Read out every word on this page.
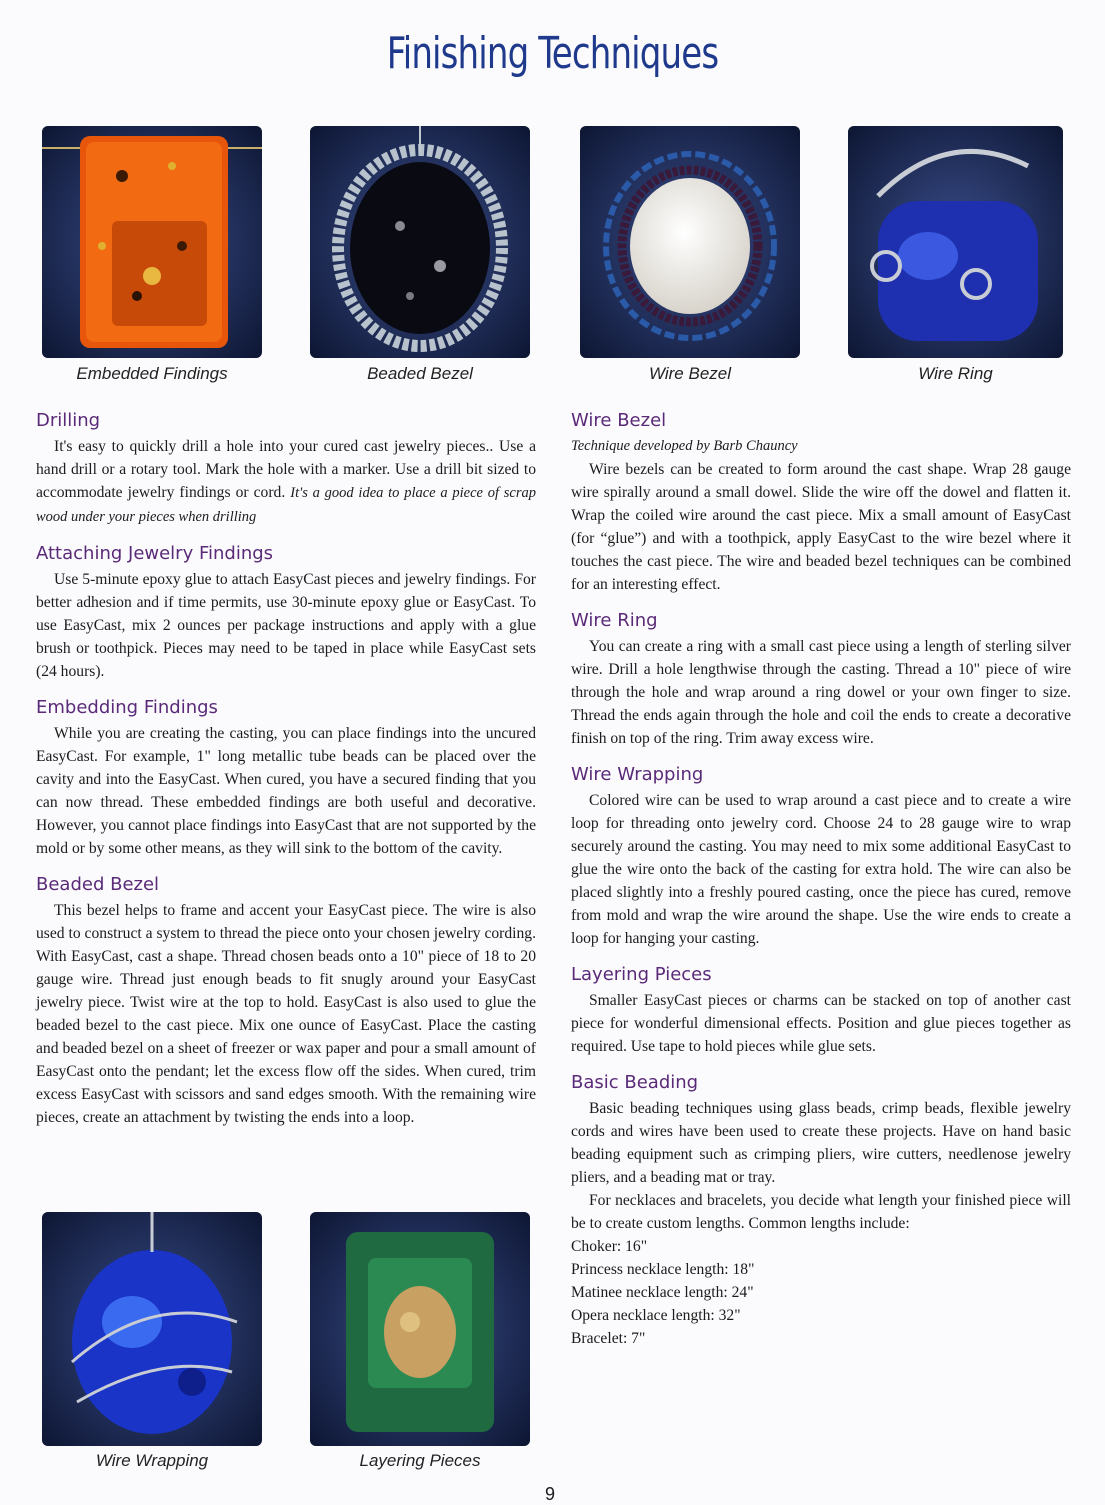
Finishing Techniques
Embedded Findings	Beaded Bezel	Wire Bezel	Wire Ring
Drilling

It's easy to quickly drill a hole into your cured cast jewelry pieces.. Use a hand drill or a rotary tool. Mark the hole with a marker. Use a drill bit sized to accommodate jewelry findings or cord. It's a good idea to place a piece of scrap wood under your pieces when drilling

Attaching Jewelry Findings

Use 5-minute epoxy glue to attach EasyCast pieces and jewelry findings. For better adhesion and if time permits, use 30-minute epoxy glue or EasyCast. To use EasyCast, mix 2 ounces per package instructions and apply with a glue brush or toothpick. Pieces may need to be taped in place while EasyCast sets (24 hours).

Embedding Findings

While you are creating the casting, you can place findings into the uncured EasyCast. For example, 1" long metallic tube beads can be placed over the cavity and into the EasyCast. When cured, you have a secured finding that you can now thread. These embedded findings are both useful and decorative. However, you cannot place findings into EasyCast that are not supported by the mold or by some other means, as they will sink to the bottom of the cavity.

Beaded Bezel

This bezel helps to frame and accent your EasyCast piece. The wire is also used to construct a system to thread the piece onto your chosen jewelry cording. With EasyCast, cast a shape. Thread chosen beads onto a 10" piece of 18 to 20 gauge wire. Thread just enough beads to fit snugly around your EasyCast jewelry piece. Twist wire at the top to hold. EasyCast is also used to glue the beaded bezel to the cast piece. Mix one ounce of EasyCast. Place the casting and beaded bezel on a sheet of freezer or wax paper and pour a small amount of EasyCast onto the pendant; let the excess flow off the sides. When cured, trim excess EasyCast with scissors and sand edges smooth. With the remaining wire pieces, create an attachment by twisting the ends into a loop.

Wire Wrapping	Layering Pieces
Wire Bezel

Technique developed by Barb Chauncy

Wire bezels can be created to form around the cast shape. Wrap 28 gauge wire spirally around a small dowel. Slide the wire off the dowel and flatten it. Wrap the coiled wire around the cast piece. Mix a small amount of EasyCast (for “glue”) and with a toothpick, apply EasyCast to the wire bezel where it touches the cast piece. The wire and beaded bezel techniques can be combined for an interesting effect.

Wire Ring

You can create a ring with a small cast piece using a length of sterling silver wire. Drill a hole lengthwise through the casting. Thread a 10" piece of wire through the hole and wrap around a ring dowel or your own finger to size. Thread the ends again through the hole and coil the ends to create a decorative finish on top of the ring. Trim away excess wire.

Wire Wrapping

Colored wire can be used to wrap around a cast piece and to create a wire loop for threading onto jewelry cord. Choose 24 to 28 gauge wire to wrap securely around the casting. You may need to mix some additional EasyCast to glue the wire onto the back of the casting for extra hold. The wire can also be placed slightly into a freshly poured casting, once the piece has cured, remove from mold and wrap the wire around the shape. Use the wire ends to create a loop for hanging your casting.

Layering Pieces

Smaller EasyCast pieces or charms can be stacked on top of another cast piece for wonderful dimensional effects. Position and glue pieces together as required. Use tape to hold pieces while glue sets.

Basic Beading

Basic beading techniques using glass beads, crimp beads, flexible jewelry cords and wires have been used to create these projects. Have on hand basic beading equipment such as crimping pliers, wire cutters, needlenose jewelry pliers, and a beading mat or tray.

For necklaces and bracelets, you decide what length your finished piece will be to create custom lengths. Common lengths include:

Choker: 16"
Princess necklace length: 18"
Matinee necklace length: 24"
Opera necklace length: 32"
Bracelet: 7"
9
